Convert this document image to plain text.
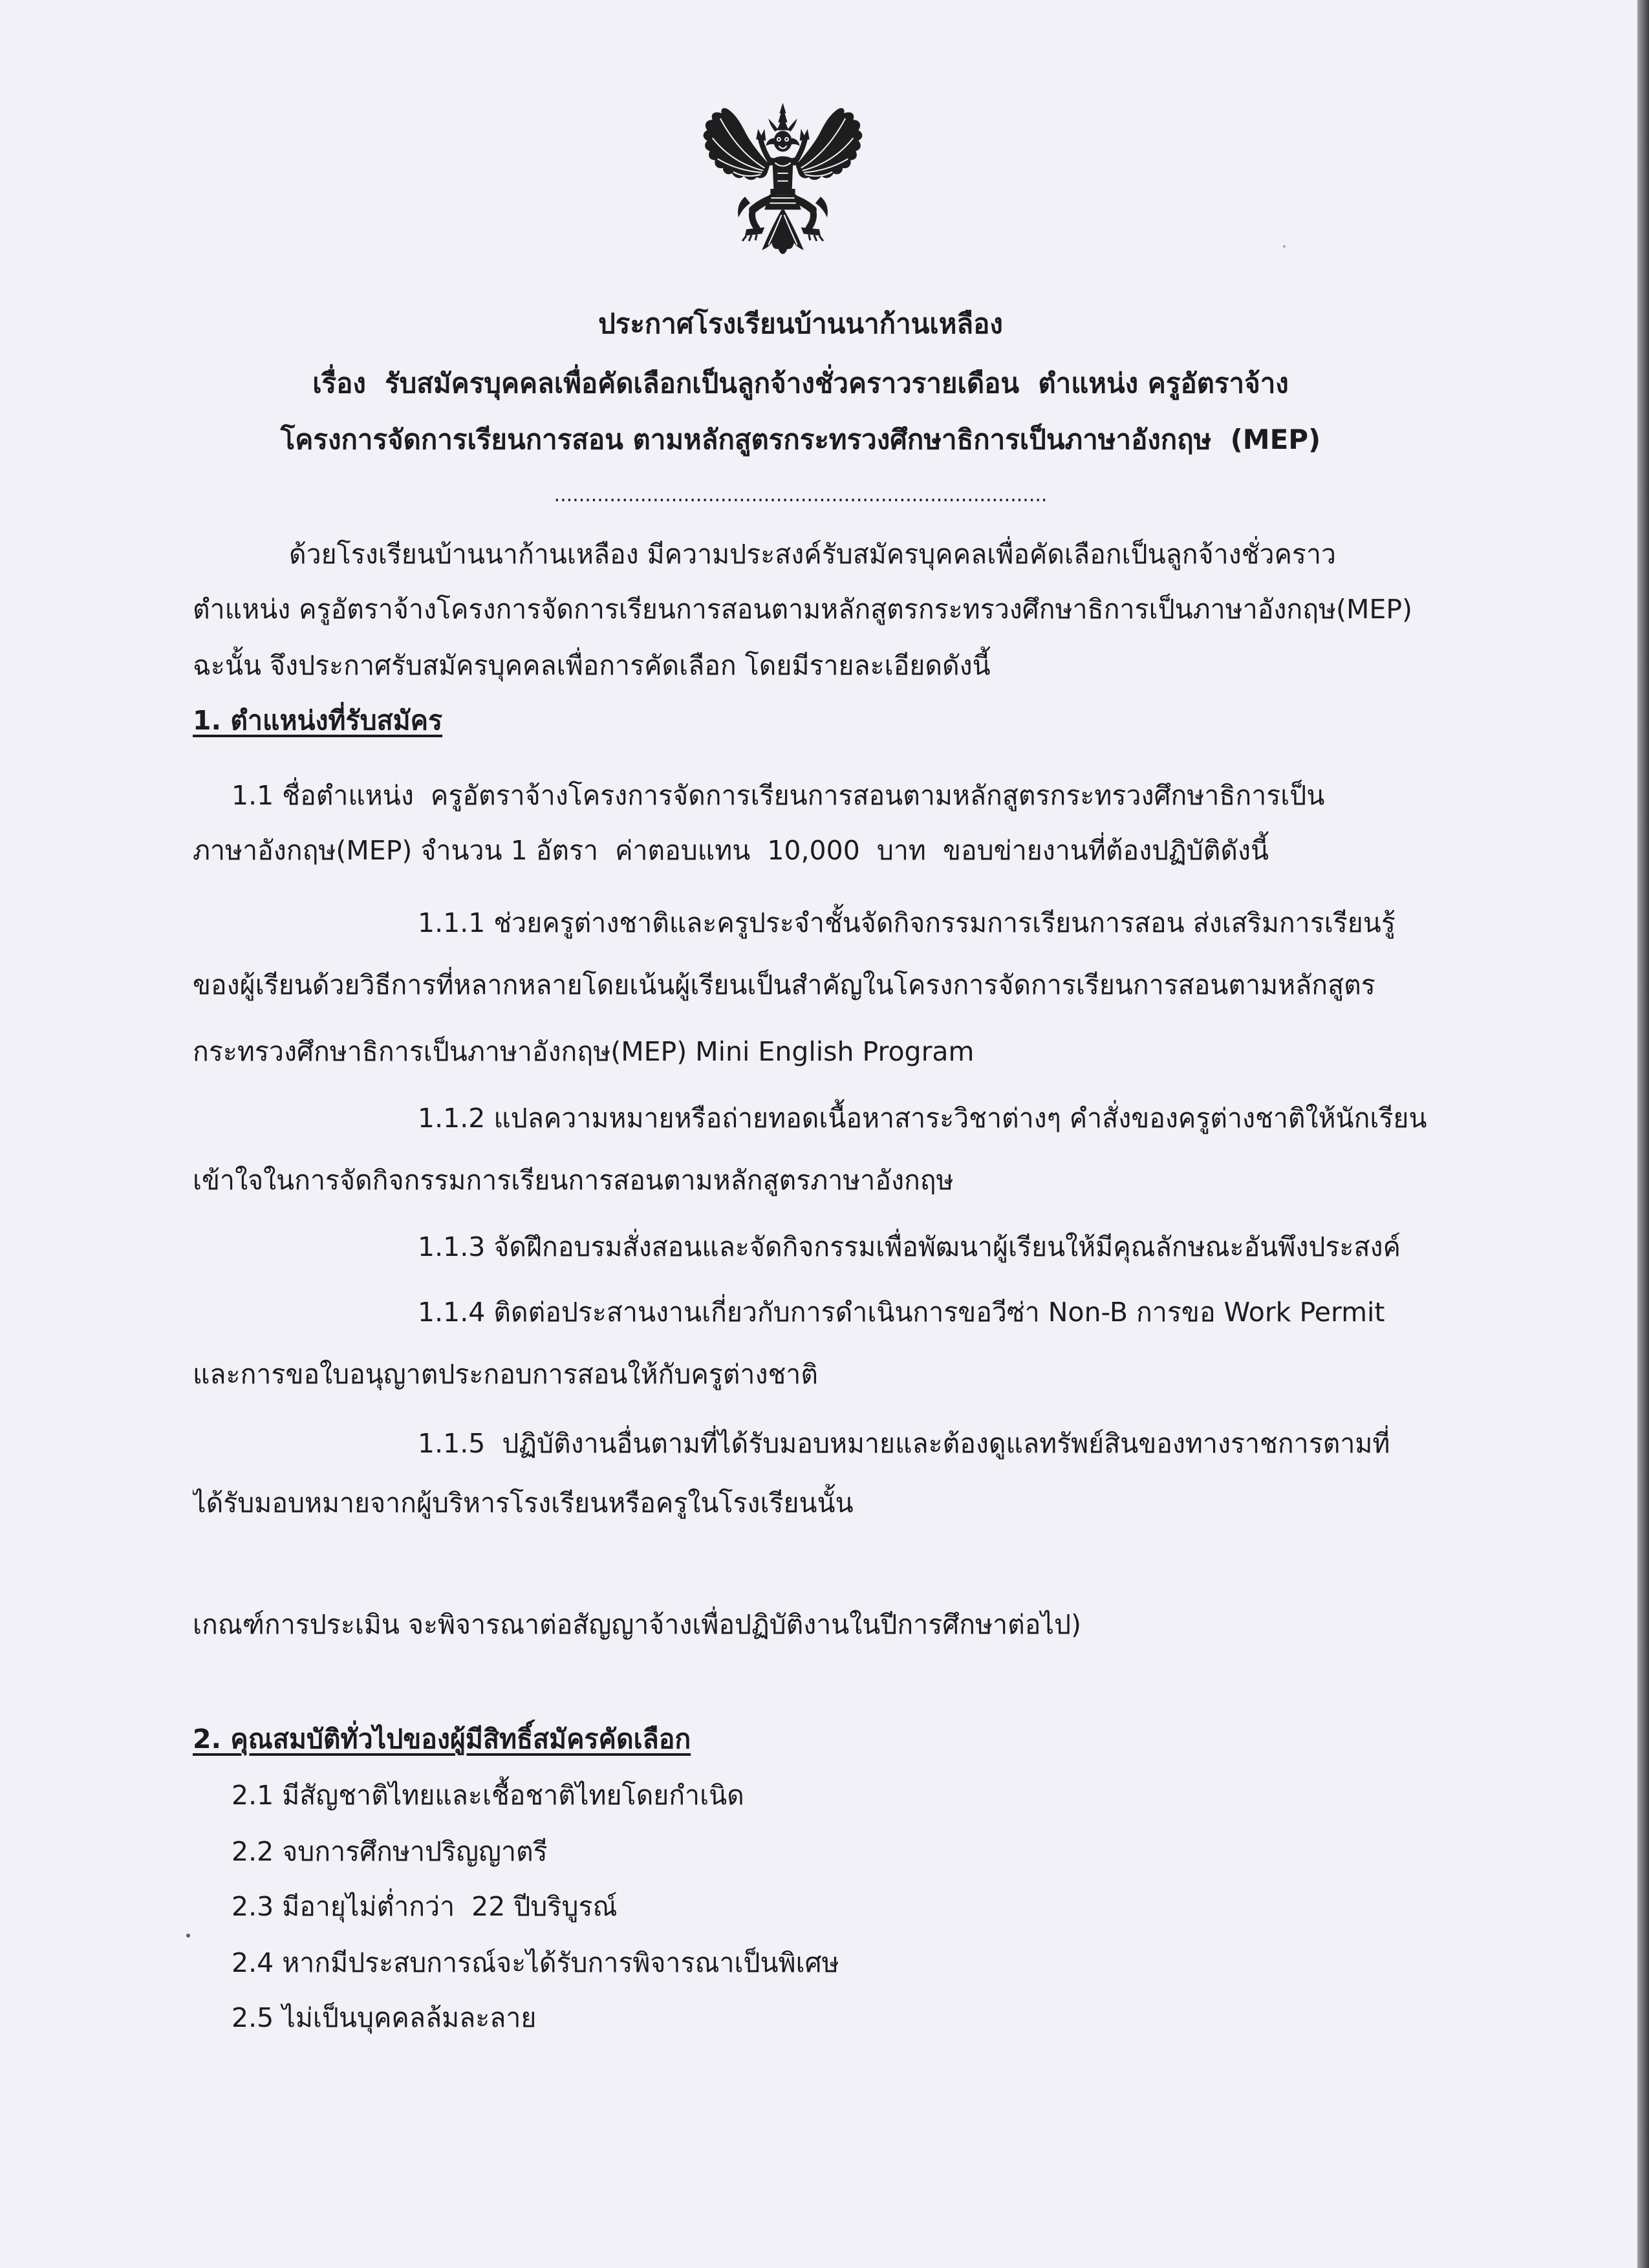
ประกาศโรงเรียนบ้านนาก้านเหลือง
เรื่อง  รับสมัครบุคคลเพื่อคัดเลือกเป็นลูกจ้างชั่วคราวรายเดือน  ตำแหน่ง ครูอัตราจ้าง
โครงการจัดการเรียนการสอน ตามหลักสูตรกระทรวงศึกษาธิการเป็นภาษาอังกฤษ  (MEP)
................................................................................
ด้วยโรงเรียนบ้านนาก้านเหลือง มีความประสงค์รับสมัครบุคคลเพื่อคัดเลือกเป็นลูกจ้างชั่วคราว
ตำแหน่ง ครูอัตราจ้างโครงการจัดการเรียนการสอนตามหลักสูตรกระทรวงศึกษาธิการเป็นภาษาอังกฤษ(MEP)
ฉะนั้น จึงประกาศรับสมัครบุคคลเพื่อการคัดเลือก โดยมีรายละเอียดดังนี้
1. ตำแหน่งที่รับสมัคร
1.1 ชื่อตำแหน่ง  ครูอัตราจ้างโครงการจัดการเรียนการสอนตามหลักสูตรกระทรวงศึกษาธิการเป็น
ภาษาอังกฤษ(MEP) จำนวน 1 อัตรา  ค่าตอบแทน  10,000  บาท  ขอบข่ายงานที่ต้องปฏิบัติดังนี้
1.1.1 ช่วยครูต่างชาติและครูประจำชั้นจัดกิจกรรมการเรียนการสอน ส่งเสริมการเรียนรู้
ของผู้เรียนด้วยวิธีการที่หลากหลายโดยเน้นผู้เรียนเป็นสำคัญในโครงการจัดการเรียนการสอนตามหลักสูตร
กระทรวงศึกษาธิการเป็นภาษาอังกฤษ(MEP) Mini English Program
1.1.2 แปลความหมายหรือถ่ายทอดเนื้อหาสาระวิชาต่างๆ คำสั่งของครูต่างชาติให้นักเรียน
เข้าใจในการจัดกิจกรรมการเรียนการสอนตามหลักสูตรภาษาอังกฤษ
1.1.3 จัดฝึกอบรมสั่งสอนและจัดกิจกรรมเพื่อพัฒนาผู้เรียนให้มีคุณลักษณะอันพึงประสงค์
1.1.4 ติดต่อประสานงานเกี่ยวกับการดำเนินการขอวีซ่า Non-B การขอ Work Permit
และการขอใบอนุญาตประกอบการสอนให้กับครูต่างชาติ
1.1.5  ปฏิบัติงานอื่นตามที่ได้รับมอบหมายและต้องดูแลทรัพย์สินของทางราชการตามที่
ได้รับมอบหมายจากผู้บริหารโรงเรียนหรือครูในโรงเรียนนั้น

เกณฑ์การประเมิน จะพิจารณาต่อสัญญาจ้างเพื่อปฏิบัติงานในปีการศึกษาต่อไป)
2. คุณสมบัติทั่วไปของผู้มีสิทธิ์สมัครคัดเลือก
2.1 มีสัญชาติไทยและเชื้อชาติไทยโดยกำเนิด
2.2 จบการศึกษาปริญญาตรี
2.3 มีอายุไม่ต่ำกว่า  22 ปีบริบูรณ์
2.4 หากมีประสบการณ์จะได้รับการพิจารณาเป็นพิเศษ
2.5 ไม่เป็นบุคคลล้มละลาย
